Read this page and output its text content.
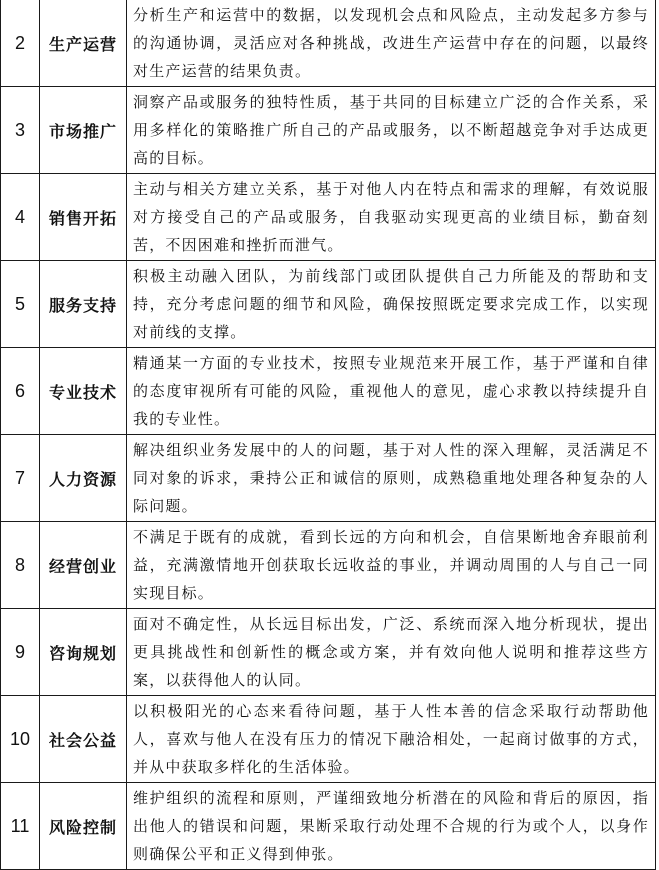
2	生产运营	分析生产和运营中的数据，以发现机会点和风险点，主动发起多方参与的沟通协调，灵活应对各种挑战，改进生产运营中存在的问题，以最终对生产运营的结果负责。

3	市场推广	洞察产品或服务的独特性质，基于共同的目标建立广泛的合作关系，采用多样化的策略推广所自己的产品或服务，以不断超越竞争对手达成更高的目标。

4	销售开拓	主动与相关方建立关系，基于对他人内在特点和需求的理解，有效说服对方接受自己的产品或服务，自我驱动实现更高的业绩目标，勤奋刻苦，不因困难和挫折而泄气。

5	服务支持	积极主动融入团队，为前线部门或团队提供自己力所能及的帮助和支持，充分考虑问题的细节和风险，确保按照既定要求完成工作，以实现对前线的支撑。

6	专业技术	精通某一方面的专业技术，按照专业规范来开展工作，基于严谨和自律的态度审视所有可能的风险，重视他人的意见，虚心求教以持续提升自我的专业性。

7	人力资源	解决组织业务发展中的人的问题，基于对人性的深入理解，灵活满足不同对象的诉求，秉持公正和诚信的原则，成熟稳重地处理各种复杂的人际问题。

8	经营创业	不满足于既有的成就，看到长远的方向和机会，自信果断地舍弃眼前利益，充满激情地开创获取长远收益的事业，并调动周围的人与自己一同实现目标。

9	咨询规划	面对不确定性，从长远目标出发，广泛、系统而深入地分析现状，提出更具挑战性和创新性的概念或方案，并有效向他人说明和推荐这些方案，以获得他人的认同。

10	社会公益	以积极阳光的心态来看待问题，基于人性本善的信念采取行动帮助他人，喜欢与他人在没有压力的情况下融洽相处，一起商讨做事的方式，并从中获取多样化的生活体验。

11	风险控制	维护组织的流程和原则，严谨细致地分析潜在的风险和背后的原因，指出他人的错误和问题，果断采取行动处理不合规的行为或个人，以身作则确保公平和正义得到伸张。
